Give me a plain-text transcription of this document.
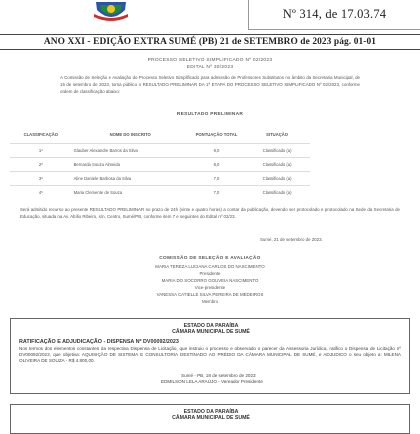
Nº 314, de 17.03.74
ANO XXI - EDIÇÃO EXTRA SUMÉ (PB) 21 de SETEMBRO de 2023 pág. 01-01
PROCESSO SELETIVO SIMPLIFICADO Nº 02/2023
EDITAL Nº 30/2023
A Comissão de Seleção e Avaliação do Processo Seletivo Simplificado para admissão de Professores Substitutos no âmbito da Secretaria Municipal, de 15 de setembro de 2023, torna público o RESULTADO PRELIMINAR DA 1ª ETAPA DO PROCESSO SELETIVO SIMPLIFICADO Nº 02/2023, conforme ordem de classificação abaixo:
RESULTADO PRELIMINAR
CLASSIFICAÇÃO	NOME DO INSCRITO	PONTUAÇÃO TOTAL	SITUAÇÃO
1º	Glauber Alexandre Barros da Silva	9,0	Classificado (a)
2º	Bernarda Souza Almeida	8,0	Classificado (a)
3º	Aline Daniele Barbosa da Silva	7,0	Classificado (a)
4º	Maria Clemente de Souza	7,0	Classificado (a)
Será admitido recurso ao presente RESULTADO PRELIMINAR no prazo de 24h (vinte e quatro horas) a contar da publicação, devendo ser protocolado e protocolado na Sede da Secretaria de Educação, situada na Av. Abílio Ribeiro, s/n, Centro, Sumé/PB, conforme item 7 e seguintes do Edital nº 02/23.
Sumé, 21 de setembro de 2023.
COMISSÃO DE SELEÇÃO E AVALIAÇÃO
MARIA TEREZA LUCIANA CARLOS DO NASCIMENTO
Presidente
MARIA DO SOCORRO GOUVEIA NASCIMENTO
Vice-presidente
VANESSA CATIELLE SILVA PEREIRA DE MEDEIROS
Membro
ESTADO DA PARAÍBA
CÂMARA MUNICIPAL DE SUMÉ
RATIFICAÇÃO E ADJUDICAÇÃO - DISPENSA Nº DV00092/2023
Nos termos dos elementos constantes da respectiva Dispensa de Licitação, que instruiu o processo e observado o parecer da Assessoria Jurídica, ratifico o Dispensa de Licitação nº DV00092/2023, que objetiva: AQUISIÇÃO DE SISTEMA E CONSULTORIA DESTINADO AO PRÉDIO DA CÂMARA MUNICIPAL DE SUMÉ, e ADJUDICO o seu objeto a: MILENA OLIVEIRA DE SOUZA - R$ 4.800,00.
Sumé - PB, 18 de setembro de 2023
EDMILSON LELA ARAÚJO - Vereador Presidente
ESTADO DA PARAÍBA
CÂMARA MUNICIPAL DE SUMÉ
